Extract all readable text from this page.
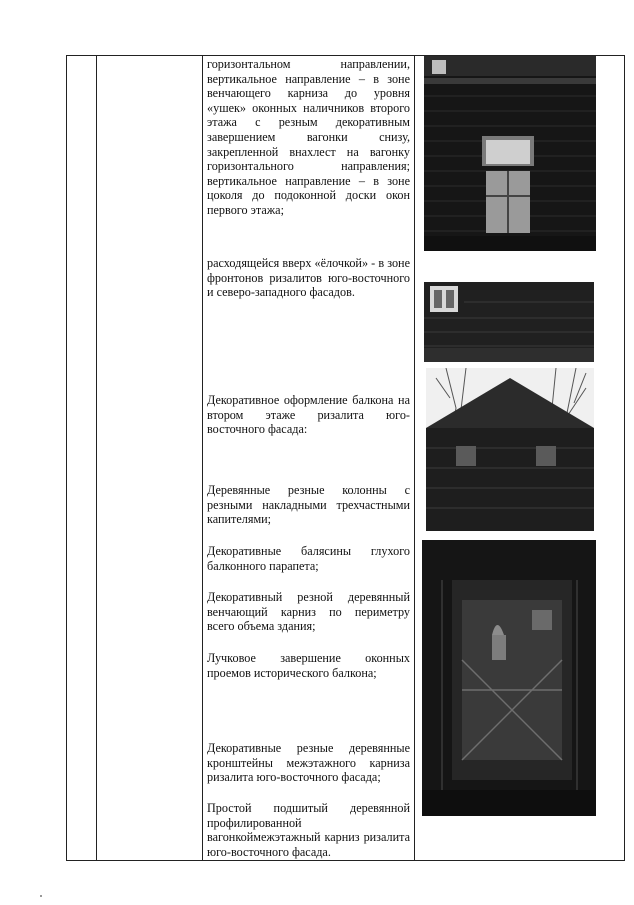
горизонтальном направлении, вертикальное направление – в зоне венчающего карниза до уровня «ушек» оконных наличников второго этажа с резным декоративным завершением вагонки снизу, закрепленной внахлест на вагонку горизонтального направления; вертикальное направление – в зоне цоколя до подоконной доски окон первого этажа;

расходящейся вверх «ёлочкой» - в зоне фронтонов ризалитов юго-восточного и северо-западного фасадов.

Декоративное оформление балкона на втором этаже ризалита юго-восточного фасада:

Деревянные резные колонны с резными накладными трехчастными капителями;

Декоративные балясины глухого балконного парапета;

Декоративный резной деревянный венчающий карниз по периметру всего объема здания;

Лучковое завершение оконных проемов исторического балкона;

Декоративные резные деревянные кронштейны межэтажного карниза ризалита юго-восточного фасада;

Простой подшитый деревянной профилированной вагонкоймежэтажный карниз ризалита юго-восточного фасада.
